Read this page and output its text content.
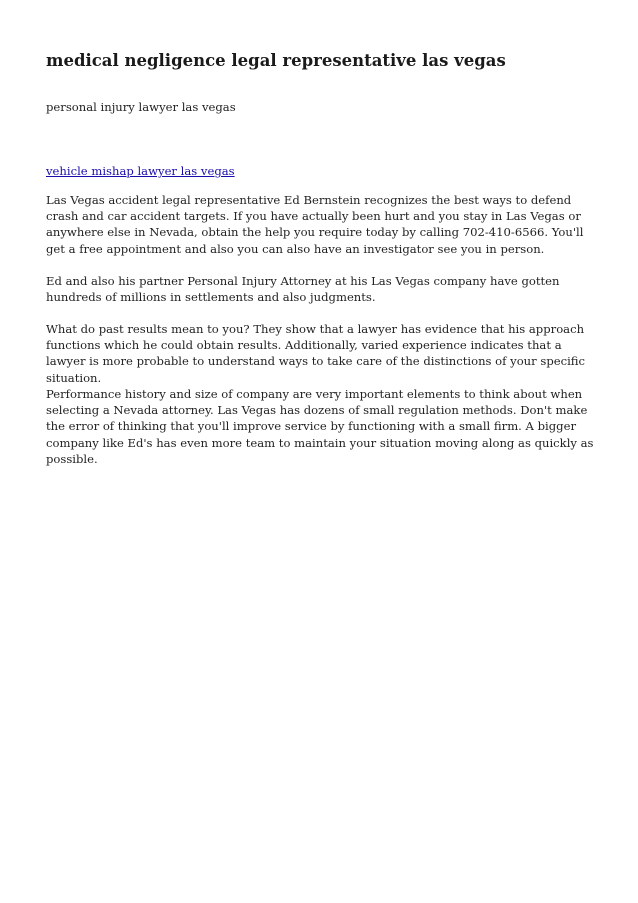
medical negligence legal representative las vegas

personal injury lawyer las vegas

vehicle mishap lawyer las vegas

Las Vegas accident legal representative Ed Bernstein recognizes the best ways to defend crash and car accident targets. If you have actually been hurt and you stay in Las Vegas or anywhere else in Nevada, obtain the help you require today by calling 702-410-6566. You'll get a free appointment and also you can also have an investigator see you in person.

Ed and also his partner Personal Injury Attorney at his Las Vegas company have gotten hundreds of millions in settlements and also judgments.

What do past results mean to you? They show that a lawyer has evidence that his approach functions which he could obtain results. Additionally, varied experience indicates that a lawyer is more probable to understand ways to take care of the distinctions of your specific situation.

Performance history and size of company are very important elements to think about when selecting a Nevada attorney. Las Vegas has dozens of small regulation methods. Don't make the error of thinking that you'll improve service by functioning with a small firm. A bigger company like Ed's has even more team to maintain your situation moving along as quickly as possible.
